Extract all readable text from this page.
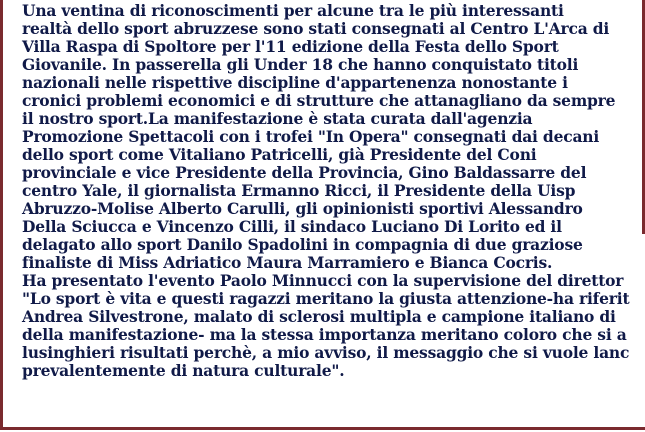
Una ventina di riconoscimenti per alcune tra le più interessanti
realtà dello sport abruzzese sono stati consegnati al Centro L'Arca di
Villa Raspa di Spoltore per l'11 edizione della Festa dello Sport
Giovanile. In passerella gli Under 18 che hanno conquistato titoli
nazionali nelle rispettive discipline d'appartenenza nonostante i
cronici problemi economici e di strutture che attanagliano da sempre
il nostro sport.La manifestazione è stata curata dall'agenzia
Promozione Spettacoli con i trofei "In Opera" consegnati dai decani
dello sport come Vitaliano Patricelli, già Presidente del Coni
provinciale e vice Presidente della Provincia, Gino Baldassarre del
centro Yale, il giornalista Ermanno Ricci, il Presidente della Uisp
Abruzzo-Molise Alberto Carulli, gli opinionisti sportivi Alessandro
Della Sciucca e Vincenzo Cilli, il sindaco Luciano Di Lorito ed il
delagato allo sport Danilo Spadolini in compagnia di due graziose
finaliste di Miss Adriatico Maura Marramiero e Bianca Cocris.
Ha presentato l'evento Paolo Minnucci con la supervisione del direttor
"Lo sport è vita e questi ragazzi meritano la giusta attenzione-ha riferit
Andrea Silvestrone, malato di sclerosi multipla e campione italiano di
della manifestazione- ma la stessa importanza meritano coloro che si a
lusinghieri risultati perchè, a mio avviso, il messaggio che si vuole lanc
prevalentemente di natura culturale".
